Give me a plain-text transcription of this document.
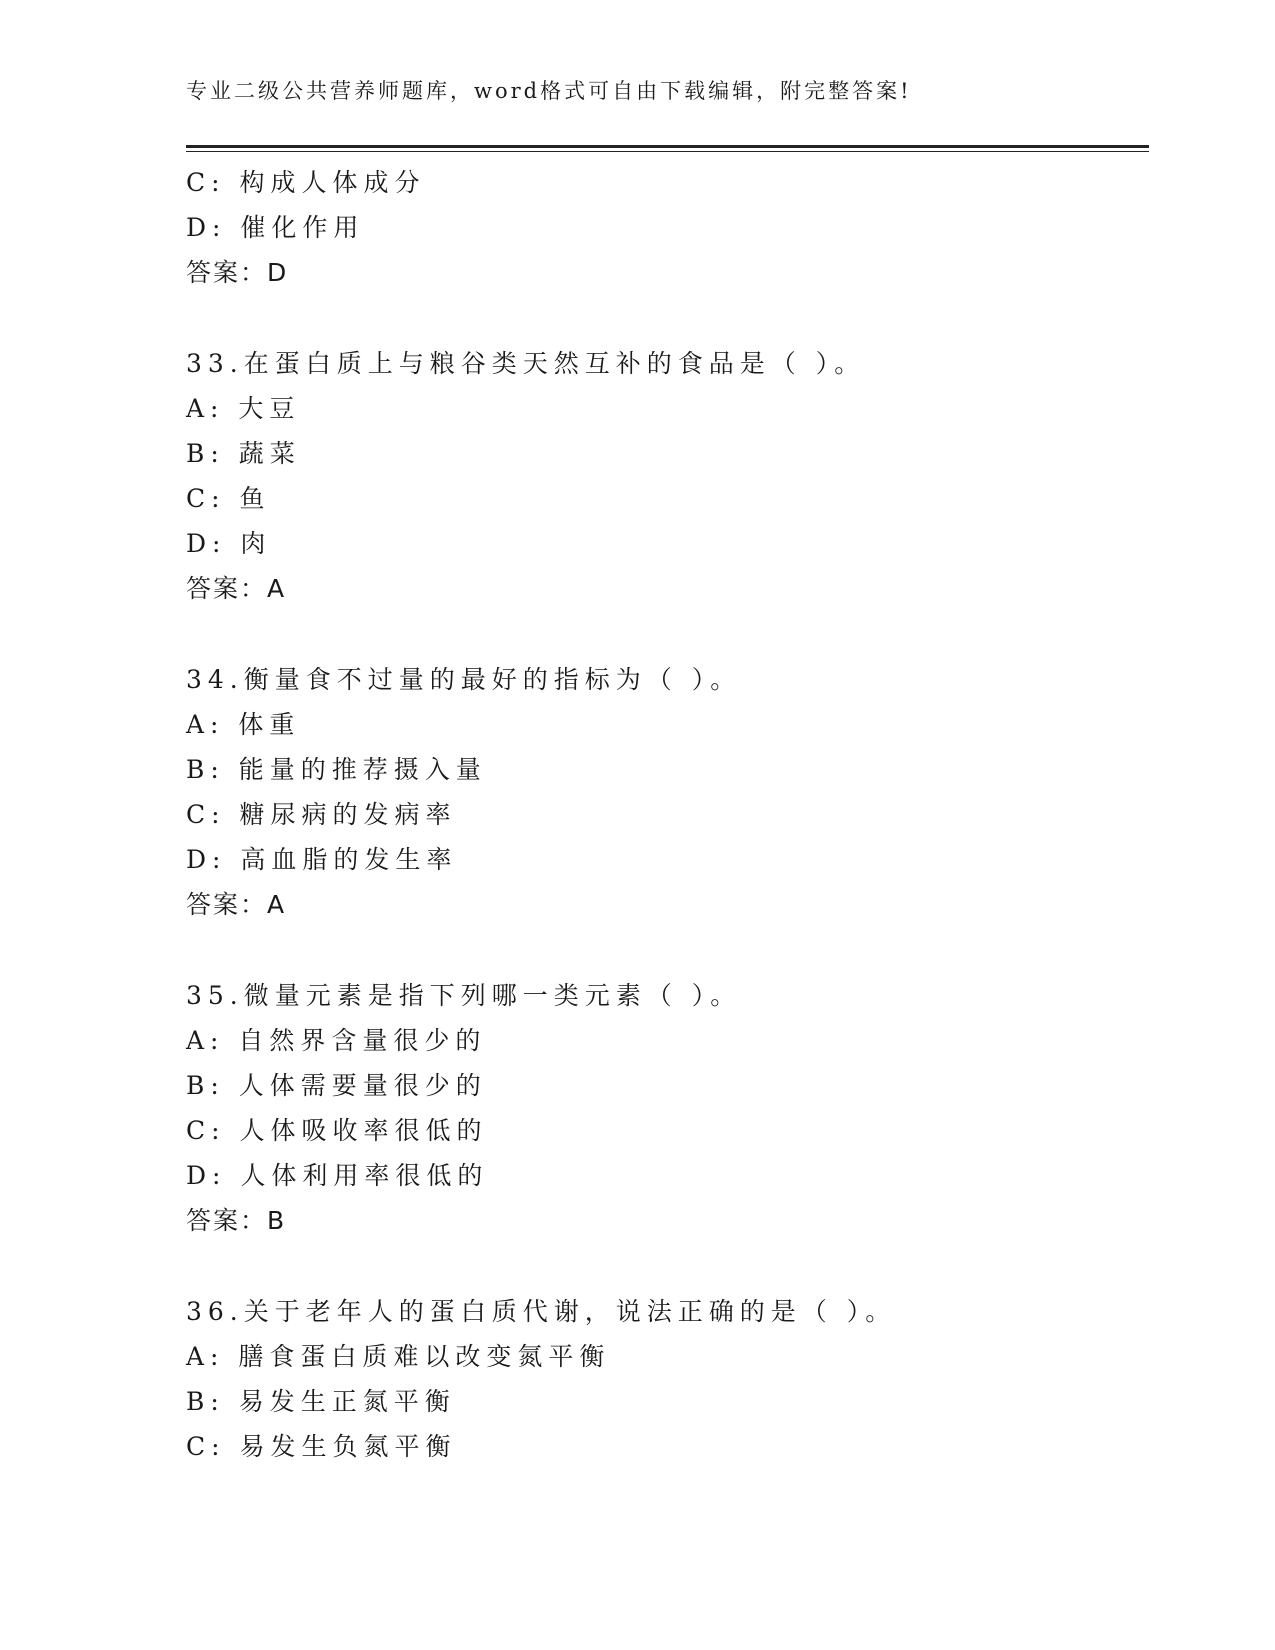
专业二级公共营养师题库，word格式可自由下载编辑，附完整答案!
C: 构成人体成分
D: 催化作用
答案：D
33.在蛋白质上与粮谷类天然互补的食品是（ ）。
A: 大豆
B: 蔬菜
C: 鱼
D: 肉
答案：A
34.衡量食不过量的最好的指标为（ ）。
A: 体重
B: 能量的推荐摄入量
C: 糖尿病的发病率
D: 高血脂的发生率
答案：A
35.微量元素是指下列哪一类元素（ ）。
A: 自然界含量很少的
B: 人体需要量很少的
C: 人体吸收率很低的
D: 人体利用率很低的
答案：B
36.关于老年人的蛋白质代谢，说法正确的是（ ）。
A: 膳食蛋白质难以改变氮平衡
B: 易发生正氮平衡
C: 易发生负氮平衡
